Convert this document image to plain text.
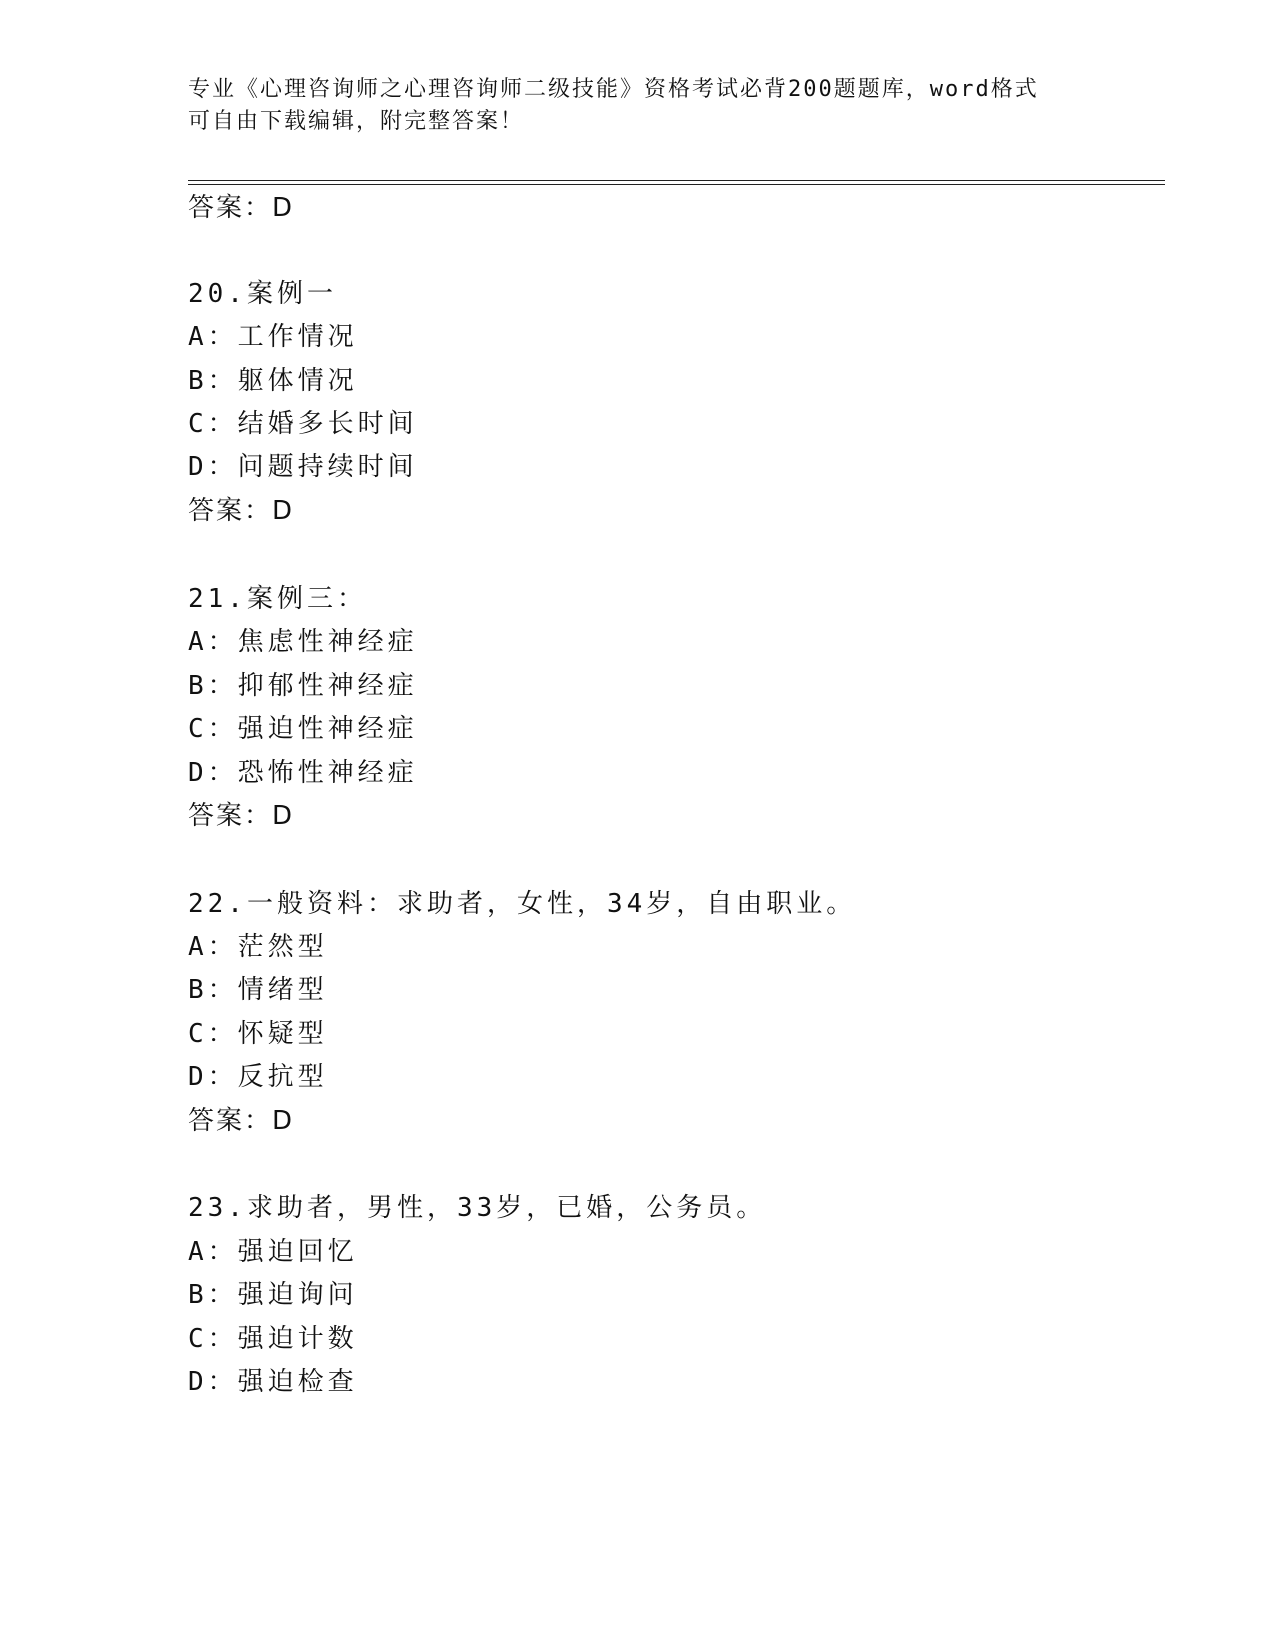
专业《心理咨询师之心理咨询师二级技能》资格考试必背200题题库，word格式
可自由下载编辑，附完整答案！
答案：D
20.案例一
A：工作情况
B：躯体情况
C：结婚多长时间
D：问题持续时间
答案：D
21.案例三：
A：焦虑性神经症
B：抑郁性神经症
C：强迫性神经症
D：恐怖性神经症
答案：D
22.一般资料：求助者，女性，34岁，自由职业。
A：茫然型
B：情绪型
C：怀疑型
D：反抗型
答案：D
23.求助者，男性，33岁，已婚，公务员。
A：强迫回忆
B：强迫询问
C：强迫计数
D：强迫检查
